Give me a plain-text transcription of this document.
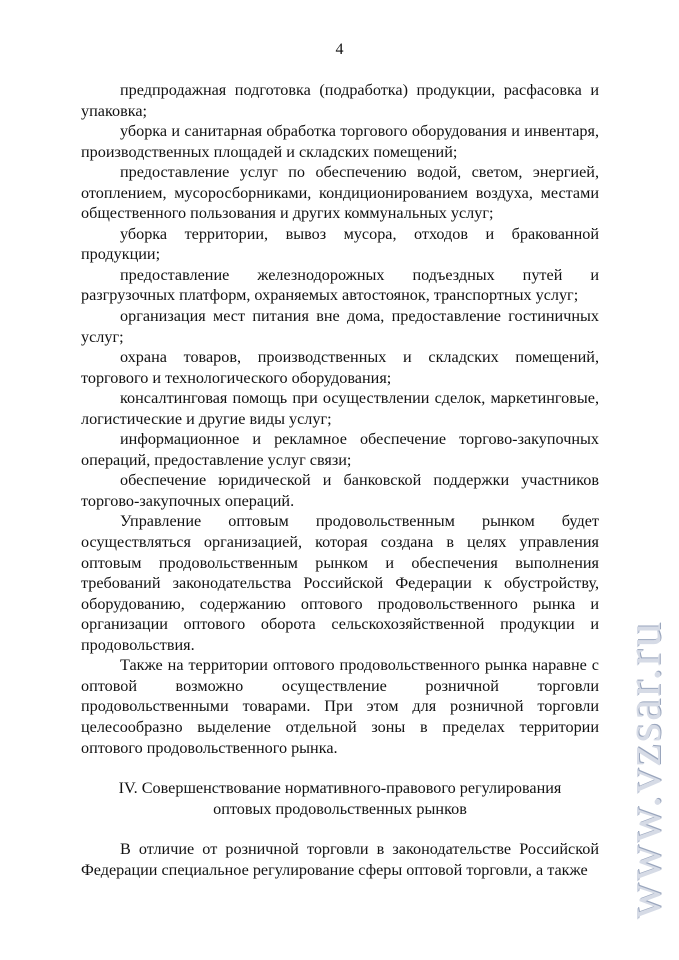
4

предпродажная подготовка (подработка) продукции, расфасовка и упаковка;

уборка и санитарная обработка торгового оборудования и инвентаря, производственных площадей и складских помещений;

предоставление услуг по обеспечению водой, светом, энергией, отоплением, мусоросборниками, кондиционированием воздуха, местами общественного пользования и других коммунальных услуг;

уборка территории, вывоз мусора, отходов и бракованной продукции;

предоставление железнодорожных подъездных путей и разгрузочных платформ, охраняемых автостоянок, транспортных услуг;

организация мест питания вне дома, предоставление гостиничных услуг;

охрана товаров, производственных и складских помещений, торгового и технологического оборудования;

консалтинговая помощь при осуществлении сделок, маркетинговые, логистические и другие виды услуг;

информационное и рекламное обеспечение торгово-закупочных операций, предоставление услуг связи;

обеспечение юридической и банковской поддержки участников торгово-закупочных операций.

Управление оптовым продовольственным рынком будет осуществляться организацией, которая создана в целях управления оптовым продовольственным рынком и обеспечения выполнения требований законодательства Российской Федерации к обустройству, оборудованию, содержанию оптового продовольственного рынка и организации оптового оборота сельскохозяйственной продукции и продовольствия.

Также на территории оптового продовольственного рынка наравне с оптовой возможно осуществление розничной торговли продовольственными товарами. При этом для розничной торговли целесообразно выделение отдельной зоны в пределах территории оптового продовольственного рынка.

IV. Совершенствование нормативного-правового регулирования

оптовых продовольственных рынков

В отличие от розничной торговли в законодательстве Российской Федерации специальное регулирование сферы оптовой торговли, а также www.vzsar.ru
